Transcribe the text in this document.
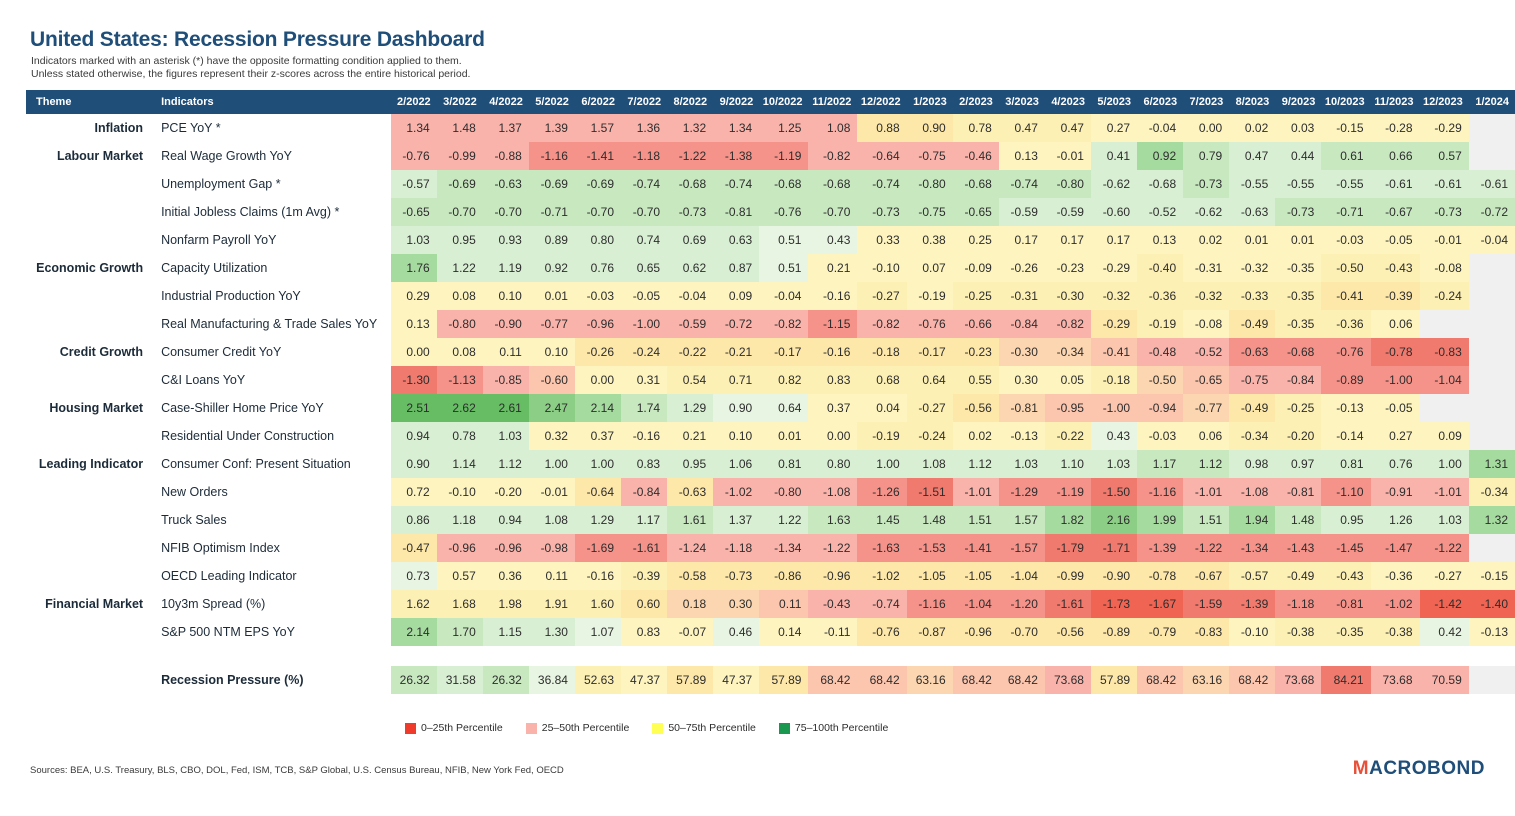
United States: Recession Pressure Dashboard
Indicators marked with an asterisk (*) have the opposite formatting condition applied to them.
Unless stated otherwise, the figures represent their z-scores across the entire historical period.
Theme	Indicators	2/2022	3/2022	4/2022	5/2022	6/2022	7/2022	8/2022	9/2022	10/2022	11/2022	12/2022	1/2023	2/2023	3/2023	4/2023	5/2023	6/2023	7/2023	8/2023	9/2023	10/2023	11/2023	12/2023	1/2024
Inflation	PCE YoY *	1.34	1.48	1.37	1.39	1.57	1.36	1.32	1.34	1.25	1.08	0.88	0.90	0.78	0.47	0.47	0.27	-0.04	0.00	0.02	0.03	-0.15	-0.28	-0.29	
Labour Market	Real Wage Growth YoY	-0.76	-0.99	-0.88	-1.16	-1.41	-1.18	-1.22	-1.38	-1.19	-0.82	-0.64	-0.75	-0.46	0.13	-0.01	0.41	0.92	0.79	0.47	0.44	0.61	0.66	0.57	
	Unemployment Gap *	-0.57	-0.69	-0.63	-0.69	-0.69	-0.74	-0.68	-0.74	-0.68	-0.68	-0.74	-0.80	-0.68	-0.74	-0.80	-0.62	-0.68	-0.73	-0.55	-0.55	-0.55	-0.61	-0.61	-0.61
	Initial Jobless Claims (1m Avg) *	-0.65	-0.70	-0.70	-0.71	-0.70	-0.70	-0.73	-0.81	-0.76	-0.70	-0.73	-0.75	-0.65	-0.59	-0.59	-0.60	-0.52	-0.62	-0.63	-0.73	-0.71	-0.67	-0.73	-0.72
	Nonfarm Payroll YoY	1.03	0.95	0.93	0.89	0.80	0.74	0.69	0.63	0.51	0.43	0.33	0.38	0.25	0.17	0.17	0.17	0.13	0.02	0.01	0.01	-0.03	-0.05	-0.01	-0.04
Economic Growth	Capacity Utilization	1.76	1.22	1.19	0.92	0.76	0.65	0.62	0.87	0.51	0.21	-0.10	0.07	-0.09	-0.26	-0.23	-0.29	-0.40	-0.31	-0.32	-0.35	-0.50	-0.43	-0.08	
	Industrial Production YoY	0.29	0.08	0.10	0.01	-0.03	-0.05	-0.04	0.09	-0.04	-0.16	-0.27	-0.19	-0.25	-0.31	-0.30	-0.32	-0.36	-0.32	-0.33	-0.35	-0.41	-0.39	-0.24	
	Real Manufacturing & Trade Sales YoY	0.13	-0.80	-0.90	-0.77	-0.96	-1.00	-0.59	-0.72	-0.82	-1.15	-0.82	-0.76	-0.66	-0.84	-0.82	-0.29	-0.19	-0.08	-0.49	-0.35	-0.36	0.06		
Credit Growth	Consumer Credit YoY	0.00	0.08	0.11	0.10	-0.26	-0.24	-0.22	-0.21	-0.17	-0.16	-0.18	-0.17	-0.23	-0.30	-0.34	-0.41	-0.48	-0.52	-0.63	-0.68	-0.76	-0.78	-0.83	
	C&I Loans YoY	-1.30	-1.13	-0.85	-0.60	0.00	0.31	0.54	0.71	0.82	0.83	0.68	0.64	0.55	0.30	0.05	-0.18	-0.50	-0.65	-0.75	-0.84	-0.89	-1.00	-1.04	
Housing Market	Case-Shiller Home Price YoY	2.51	2.62	2.61	2.47	2.14	1.74	1.29	0.90	0.64	0.37	0.04	-0.27	-0.56	-0.81	-0.95	-1.00	-0.94	-0.77	-0.49	-0.25	-0.13	-0.05		
	Residential Under Construction	0.94	0.78	1.03	0.32	0.37	-0.16	0.21	0.10	0.01	0.00	-0.19	-0.24	0.02	-0.13	-0.22	0.43	-0.03	0.06	-0.34	-0.20	-0.14	0.27	0.09	
Leading Indicator	Consumer Conf: Present Situation	0.90	1.14	1.12	1.00	1.00	0.83	0.95	1.06	0.81	0.80	1.00	1.08	1.12	1.03	1.10	1.03	1.17	1.12	0.98	0.97	0.81	0.76	1.00	1.31
	New Orders	0.72	-0.10	-0.20	-0.01	-0.64	-0.84	-0.63	-1.02	-0.80	-1.08	-1.26	-1.51	-1.01	-1.29	-1.19	-1.50	-1.16	-1.01	-1.08	-0.81	-1.10	-0.91	-1.01	-0.34
	Truck Sales	0.86	1.18	0.94	1.08	1.29	1.17	1.61	1.37	1.22	1.63	1.45	1.48	1.51	1.57	1.82	2.16	1.99	1.51	1.94	1.48	0.95	1.26	1.03	1.32
	NFIB Optimism Index	-0.47	-0.96	-0.96	-0.98	-1.69	-1.61	-1.24	-1.18	-1.34	-1.22	-1.63	-1.53	-1.41	-1.57	-1.79	-1.71	-1.39	-1.22	-1.34	-1.43	-1.45	-1.47	-1.22	
	OECD Leading Indicator	0.73	0.57	0.36	0.11	-0.16	-0.39	-0.58	-0.73	-0.86	-0.96	-1.02	-1.05	-1.05	-1.04	-0.99	-0.90	-0.78	-0.67	-0.57	-0.49	-0.43	-0.36	-0.27	-0.15
Financial Market	10y3m Spread (%)	1.62	1.68	1.98	1.91	1.60	0.60	0.18	0.30	0.11	-0.43	-0.74	-1.16	-1.04	-1.20	-1.61	-1.73	-1.67	-1.59	-1.39	-1.18	-0.81	-1.02	-1.42	-1.40
	S&P 500 NTM EPS YoY	2.14	1.70	1.15	1.30	1.07	0.83	-0.07	0.46	0.14	-0.11	-0.76	-0.87	-0.96	-0.70	-0.56	-0.89	-0.79	-0.83	-0.10	-0.38	-0.35	-0.38	0.42	-0.13

	Recession Pressure (%)	26.32	31.58	26.32	36.84	52.63	47.37	57.89	47.37	57.89	68.42	68.42	63.16	68.42	68.42	73.68	57.89	68.42	63.16	68.42	73.68	84.21	73.68	70.59	
0–25th Percentile	25–50th Percentile	50–75th Percentile	75–100th Percentile
Sources: BEA, U.S. Treasury, BLS, CBO, DOL, Fed, ISM, TCB, S&P Global, U.S. Census Bureau, NFIB, New York Fed, OECD	MACROBOND
